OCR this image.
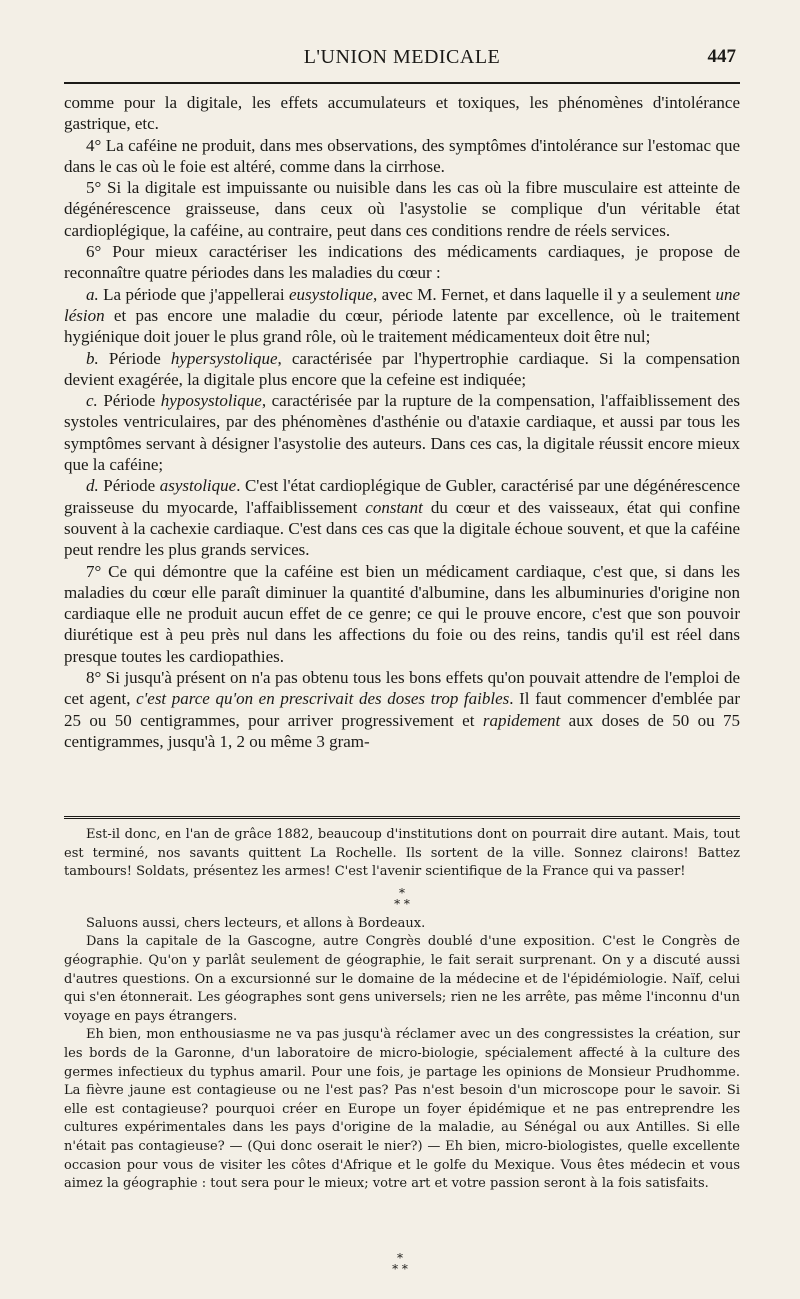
L'UNION MEDICALE	447

comme pour la digitale, les effets accumulateurs et toxiques, les phénomènes d'intolérance gastrique, etc.

4° La caféine ne produit, dans mes observations, des symptômes d'intolérance sur l'estomac que dans le cas où le foie est altéré, comme dans la cirrhose.

5° Si la digitale est impuissante ou nuisible dans les cas où la fibre musculaire est atteinte de dégénérescence graisseuse, dans ceux où l'asystolie se complique d'un véritable état cardioplégique, la caféine, au contraire, peut dans ces conditions rendre de réels services.

6° Pour mieux caractériser les indications des médicaments cardiaques, je propose de reconnaître quatre périodes dans les maladies du cœur :

a. La période que j'appellerai eusystolique, avec M. Fernet, et dans laquelle il y a seulement une lésion et pas encore une maladie du cœur, période latente par excellence, où le traitement hygiénique doit jouer le plus grand rôle, où le traitement médicamenteux doit être nul;

b. Période hypersystolique, caractérisée par l'hypertrophie cardiaque. Si la compensation devient exagérée, la digitale plus encore que la cefeine est indiquée;

c. Période hyposystolique, caractérisée par la rupture de la compensation, l'affaiblissement des systoles ventriculaires, par des phénomènes d'asthénie ou d'ataxie cardiaque, et aussi par tous les symptômes servant à désigner l'asystolie des auteurs. Dans ces cas, la digitale réussit encore mieux que la caféine;

d. Période asystolique. C'est l'état cardioplégique de Gubler, caractérisé par une dégénérescence graisseuse du myocarde, l'affaiblissement constant du cœur et des vaisseaux, état qui confine souvent à la cachexie cardiaque. C'est dans ces cas que la digitale échoue souvent, et que la caféine peut rendre les plus grands services.

7° Ce qui démontre que la caféine est bien un médicament cardiaque, c'est que, si dans les maladies du cœur elle paraît diminuer la quantité d'albumine, dans les albuminuries d'origine non cardiaque elle ne produit aucun effet de ce genre; ce qui le prouve encore, c'est que son pouvoir diurétique est à peu près nul dans les affections du foie ou des reins, tandis qu'il est réel dans presque toutes les cardiopathies.

8° Si jusqu'à présent on n'a pas obtenu tous les bons effets qu'on pouvait attendre de l'emploi de cet agent, c'est parce qu'on en prescrivait des doses trop faibles. Il faut commencer d'emblée par 25 ou 50 centigrammes, pour arriver progressivement et rapidement aux doses de 50 ou 75 centigrammes, jusqu'à 1, 2 ou même 3 gram-

Est-il donc, en l'an de grâce 1882, beaucoup d'institutions dont on pourrait dire autant. Mais, tout est terminé, nos savants quittent La Rochelle. Ils sortent de la ville. Sonnez clairons! Battez tambours! Soldats, présentez les armes! C'est l'avenir scientifique de la France qui va passer!

*
* *

Saluons aussi, chers lecteurs, et allons à Bordeaux.

Dans la capitale de la Gascogne, autre Congrès doublé d'une exposition. C'est le Congrès de géographie. Qu'on y parlât seulement de géographie, le fait serait surprenant. On y a discuté aussi d'autres questions. On a excursionné sur le domaine de la médecine et de l'épidémiologie. Naïf, celui qui s'en étonnerait. Les géographes sont gens universels; rien ne les arrête, pas même l'inconnu d'un voyage en pays étrangers.

Eh bien, mon enthousiasme ne va pas jusqu'à réclamer avec un des congressistes la création, sur les bords de la Garonne, d'un laboratoire de micro-biologie, spécialement affecté à la culture des germes infectieux du typhus amaril. Pour une fois, je partage les opinions de Monsieur Prudhomme. La fièvre jaune est contagieuse ou ne l'est pas? Pas n'est besoin d'un microscope pour le savoir. Si elle est contagieuse? pourquoi créer en Europe un foyer épidémique et ne pas entreprendre les cultures expérimentales dans les pays d'origine de la maladie, au Sénégal ou aux Antilles. Si elle n'était pas contagieuse? — (Qui donc oserait le nier?) — Eh bien, micro-biologistes, quelle excellente occasion pour vous de visiter les côtes d'Afrique et le golfe du Mexique. Vous êtes médecin et vous aimez la géographie : tout sera pour le mieux; votre art et votre passion seront à la fois satisfaits.

*
* *
